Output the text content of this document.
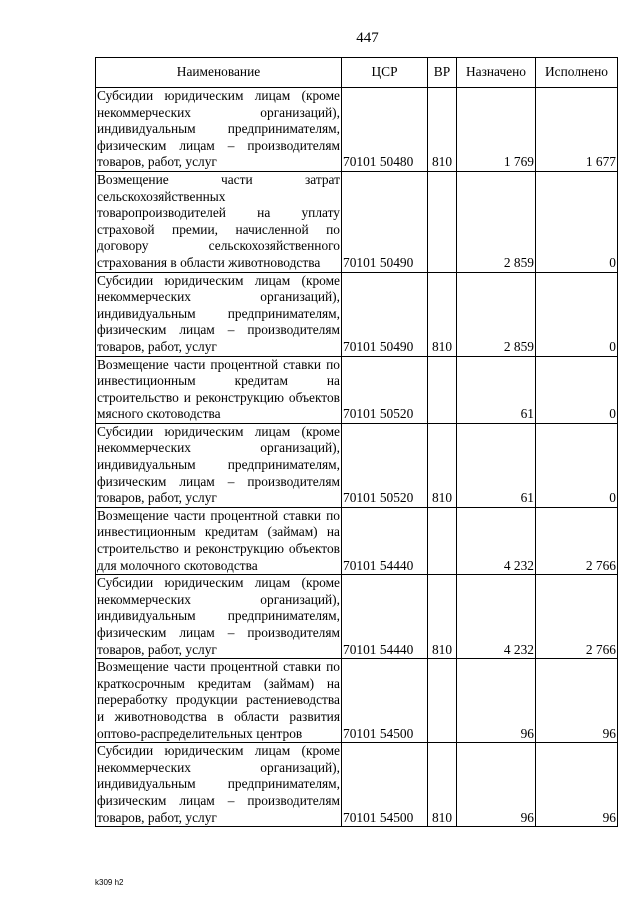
447
Наименование	ЦСР	ВР	Назначено	Исполнено
Субсидии юридическим лицам (кроме некоммерческих организаций), индивидуальным предпринимателям, физическим лицам – производителям товаров, работ, услуг	70101 50480	810	1 769	1 677
Возмещение части затрат сельскохозяйственных товаропроизводителей на уплату страховой премии, начисленной по договору сельскохозяйственного страхования в области животноводства	70101 50490		2 859	0
Субсидии юридическим лицам (кроме некоммерческих организаций), индивидуальным предпринимателям, физическим лицам – производителям товаров, работ, услуг	70101 50490	810	2 859	0
Возмещение части процентной ставки по инвестиционным кредитам на строительство и реконструкцию объектов мясного скотоводства	70101 50520		61	0
Субсидии юридическим лицам (кроме некоммерческих организаций), индивидуальным предпринимателям, физическим лицам – производителям товаров, работ, услуг	70101 50520	810	61	0
Возмещение части процентной ставки по инвестиционным кредитам (займам) на строительство и реконструкцию объектов для молочного скотоводства	70101 54440		4 232	2 766
Субсидии юридическим лицам (кроме некоммерческих организаций), индивидуальным предпринимателям, физическим лицам – производителям товаров, работ, услуг	70101 54440	810	4 232	2 766
Возмещение части процентной ставки по краткосрочным кредитам (займам) на переработку продукции растениеводства и животноводства в области развития оптово-распределительных центров	70101 54500		96	96
Субсидии юридическим лицам (кроме некоммерческих организаций), индивидуальным предпринимателям, физическим лицам – производителям товаров, работ, услуг	70101 54500	810	96	96
k309 h2
